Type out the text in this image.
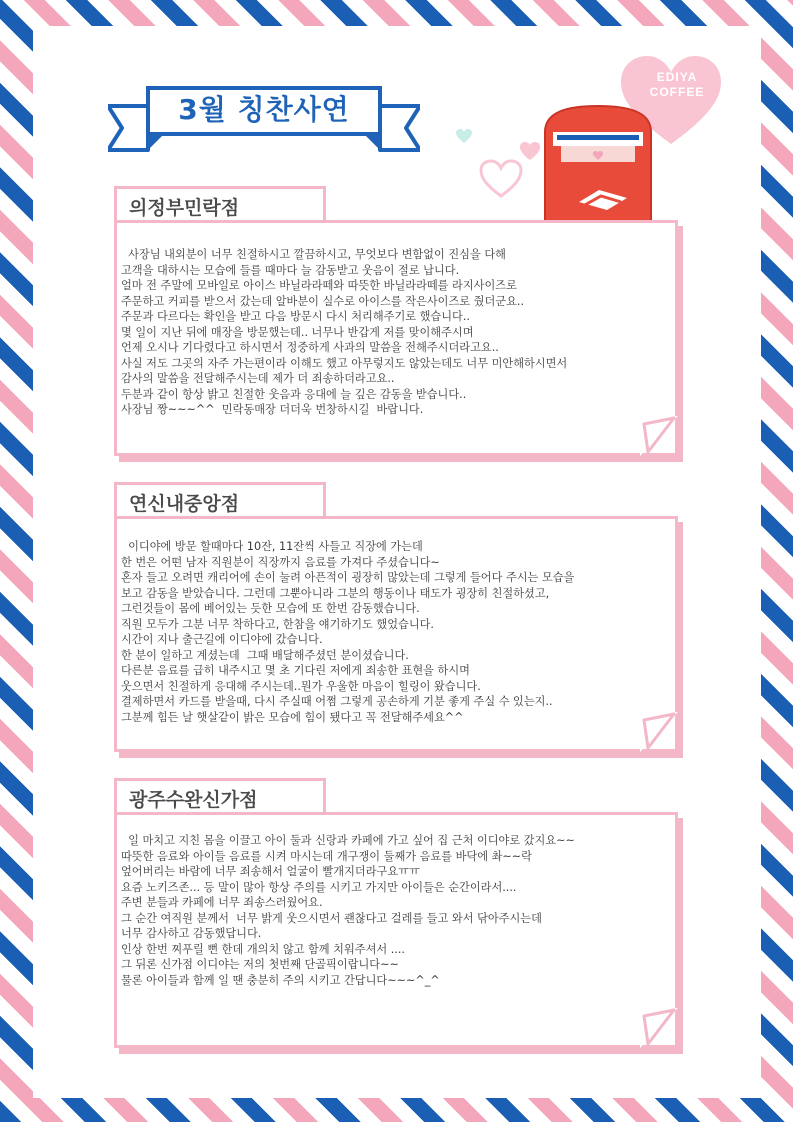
3월 칭찬사연
EDIYA
COFFEE
의정부민락점
사장님 내외분이 너무 친절하시고 깔끔하시고, 무엇보다 변함없이 진심을 다해
고객을 대하시는 모습에 들를 때마다 늘 감동받고 웃음이 절로 납니다.
얼마 전 주말에 모바일로 아이스 바닐라라떼와 따뜻한 바닐라라떼를 라지사이즈로
주문하고 커피를 받으서 갔는데 알바분이 실수로 아이스를 작은사이즈로 줬더군요..
주문과 다르다는 확인을 받고 다음 방문시 다시 처리해주기로 했습니다..
몇 일이 지난 뒤에 매장을 방문했는데.. 너무나 반갑게 저를 맞이해주시며
언제 오시나 기다렸다고 하시면서 정중하게 사과의 말씀을 전해주시더라고요..
사실 저도 그곳의 자주 가는편이라 이해도 했고 아무렇지도 않았는데도 너무 미안해하시면서
감사의 말씀을 전달해주시는데 제가 더 죄송하더라고요..
두분과 같이 항상 밝고 친절한 웃음과 응대에 늘 깊은 감동을 받습니다..
사장님 짱~~~^^  민락동매장 더더욱 번창하시길  바랍니다.
연신내중앙점
이디야에 방문 할때마다 10잔, 11잔씩 사들고 직장에 가는데
한 번은 어떤 남자 직원분이 직장까지 음료를 가져다 주셨습니다~
혼자 들고 오려면 캐리어에 손이 눌려 아픈적이 굉장히 많았는데 그렇게 들어다 주시는 모습을
보고 감동을 받았습니다. 그런데 그뿐아니라 그분의 행동이나 태도가 굉장히 친절하셨고,
그런것들이 몸에 베어있는 듯한 모습에 또 한번 감동했습니다.
직원 모두가 그분 너무 착하다고, 한참을 얘기하기도 했었습니다.
시간이 지나 출근길에 이디야에 갔습니다.
한 분이 일하고 계셨는데  그때 배달해주셨던 분이셨습니다.
다른분 음료를 급히 내주시고 몇 초 기다린 저에게 죄송한 표현을 하시며
웃으면서 친절하게 응대해 주시는데..뭔가 우울한 마음이 힐링이 왔습니다.
결제하면서 카드를 받을때, 다시 주실때 어쩜 그렇게 공손하게 기분 좋게 주실 수 있는지..
그분께 힘든 날 햇살같이 밝은 모습에 힘이 됐다고 꼭 전달해주세요^^
광주수완신가점
일 마치고 지친 몸을 이끌고 아이 둘과 신랑과 카페에 가고 싶어 집 근처 이디야로 갔지요~~
따뜻한 음료와 아이들 음료를 시켜 마시는데 개구쟁이 둘째가 음료를 바닥에 촤~~락
엎어버리는 바람에 너무 죄송해서 얼굴이 빨개지더라구요ㅠㅠ
요즘 노키즈존... 등 말이 많아 항상 주의를 시키고 가지만 아이들은 순간이라서....
주변 분들과 카페에 너무 죄송스러웠어요.
그 순간 여직원 분께서  너무 밝게 웃으시면서 괜찮다고 걸레를 들고 와서 닦아주시는데
너무 감사하고 감동했답니다.
인상 한번 찌푸릴 뻔 한데 개의치 않고 함께 치워주셔서 ....
그 뒤론 신가점 이디야는 저의 첫번째 단골픽이랍니다~~
물론 아이들과 함께 일 땐 충분히 주의 시키고 간답니다~~~^_^
